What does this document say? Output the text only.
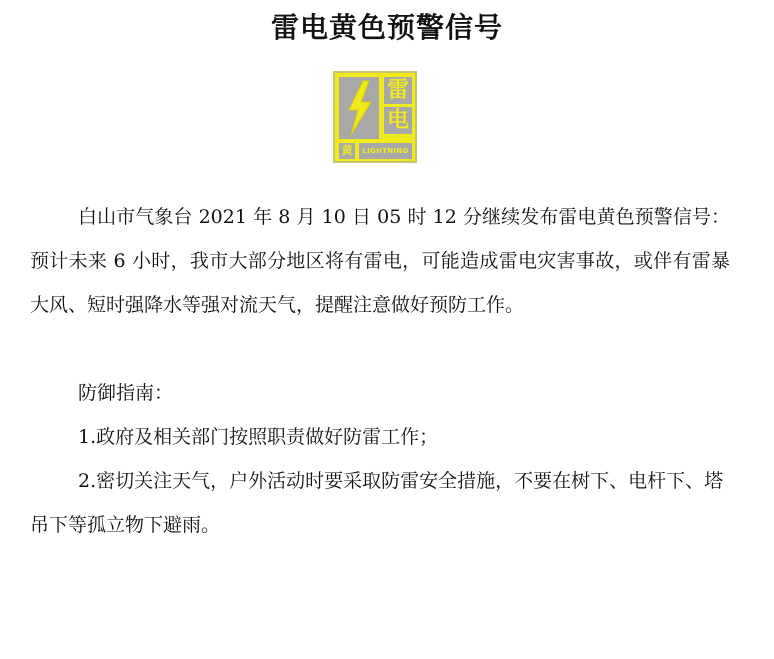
雷电黄色预警信号
雷
电
黄	LIGHTNING

白山市气象台 2021 年 8 月 10 日 05 时 12 分继续发布雷电黄色预警信号：预计未来 6 小时，我市大部分地区将有雷电，可能造成雷电灾害事故，或伴有雷暴大风、短时强降水等强对流天气，提醒注意做好预防工作。

防御指南：

1.政府及相关部门按照职责做好防雷工作；

2.密切关注天气，户外活动时要采取防雷安全措施，不要在树下、电杆下、塔吊下等孤立物下避雨。
